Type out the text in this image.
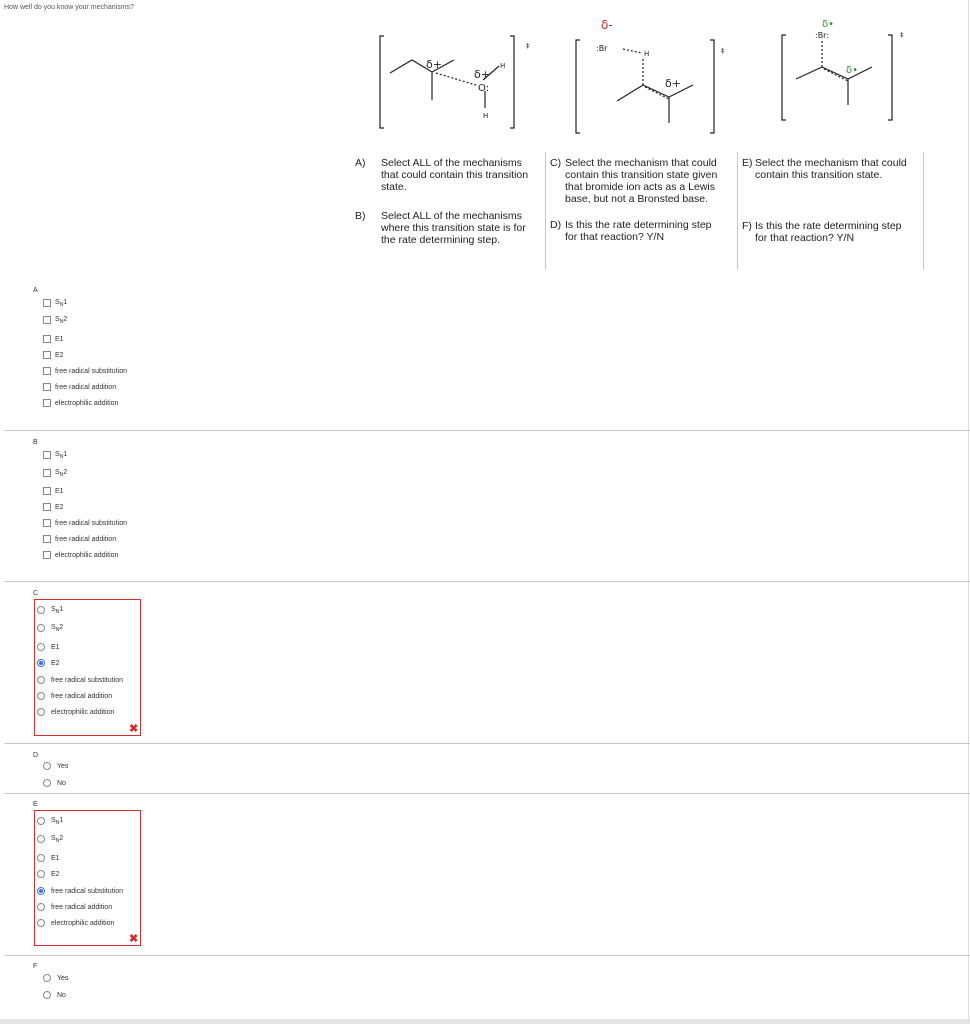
How well do you know your mechanisms?
δ+
δ+
O:
H
H
‡
δ-
:Br
H
δ+
‡
δ•
:Br:
δ•
‡
A) Select ALL of the mechanisms that could contain this transition state.
B) Select ALL of the mechanisms where this transition state is for the rate determining step.
C) Select the mechanism that could contain this transition state given that bromide ion acts as a Lewis base, but not a Bronsted base.
D) Is this the rate determining step for that reaction? Y/N
E) Select the mechanism that could contain this transition state.
F) Is this the rate determining step for that reaction? Y/N
A
$S_N1$
$S_N2$
E1
E2
free radical substitution
free radical addition
electrophilic addition
B
$S_N1$
$S_N2$
E1
E2
free radical substitution
free radical addition
electrophilic addition
C
$S_N1$
$S_N2$
E1
E2
free radical substitution
free radical addition
electrophilic addition
✖
D
Yes
No
E
$S_N1$
$S_N2$
E1
E2
free radical substitution
free radical addition
electrophilic addition
✖
F
Yes
No
